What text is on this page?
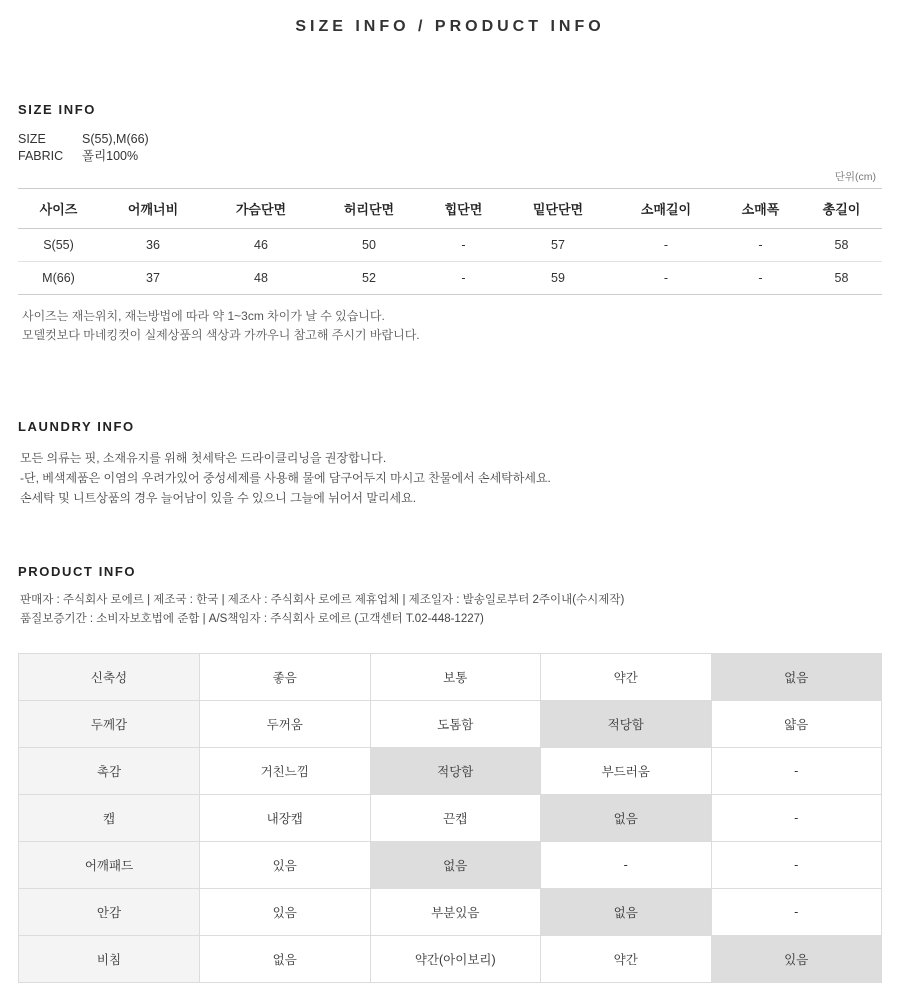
SIZE INFO / PRODUCT INFO
SIZE INFO
SIZE	S(55),M(66)
FABRIC	폴리100%
단위(cm)
사이즈	어깨너비	가슴단면	허리단면	힙단면	밑단단면	소매길이	소매폭	총길이
S(55)	36	46	50	-	57	-	-	58
M(66)	37	48	52	-	59	-	-	58
사이즈는 재는위치, 재는방법에 따라 약 1~3cm 차이가 날 수 있습니다.
모델컷보다 마네킹컷이 실제상품의 색상과 가까우니 참고해 주시기 바랍니다.
LAUNDRY INFO
모든 의류는 핏, 소재유지를 위해 첫세탁은 드라이클리닝을 권장합니다.
-단, 베색제품은 이염의 우려가있어 중성세제를 사용해 물에 담구어두지 마시고 찬물에서 손세탁하세요.
손세탁 및 니트상품의 경우 늘어남이 있을 수 있으니 그늘에 뉘어서 말리세요.
PRODUCT INFO
판매자 : 주식회사 로에르 | 제조국 : 한국 | 제조사 : 주식회사 로에르 제휴업체 | 제조일자 : 발송일로부터 2주이내(수시제작)
품질보증기간 : 소비자보호법에 준함 | A/S책임자 : 주식회사 로에르 (고객센터 T.02-448-1227)
신축성	좋음	보통	약간	없음
두께감	두꺼움	도톰함	적당함	얇음
촉감	거친느낌	적당함	부드러움	-
캡	내장캡	끈캡	없음	-
어깨패드	있음	없음	-	-
안감	있음	부분있음	없음	-
비침	없음	약간(아이보리)	약간	있음
